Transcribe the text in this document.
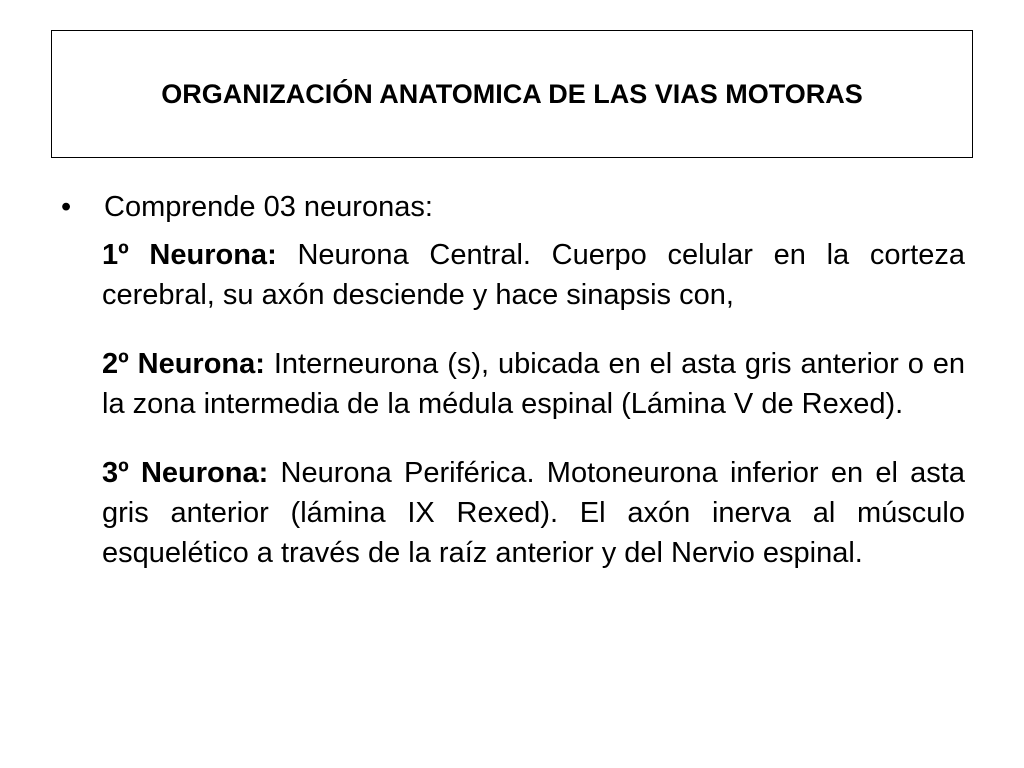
ORGANIZACIÓN ANATOMICA DE LAS VIAS MOTORAS
•	Comprende 03 neuronas:

1º Neurona: Neurona Central. Cuerpo celular en la corteza cerebral, su axón desciende y hace sinapsis con,

2º Neurona: Interneurona (s), ubicada en el asta gris anterior o en la zona intermedia de la médula espinal (Lámina V de Rexed).

3º Neurona: Neurona Periférica. Motoneurona inferior en el asta gris anterior (lámina IX Rexed). El axón inerva al músculo esquelético a través de la raíz anterior y del Nervio espinal.
